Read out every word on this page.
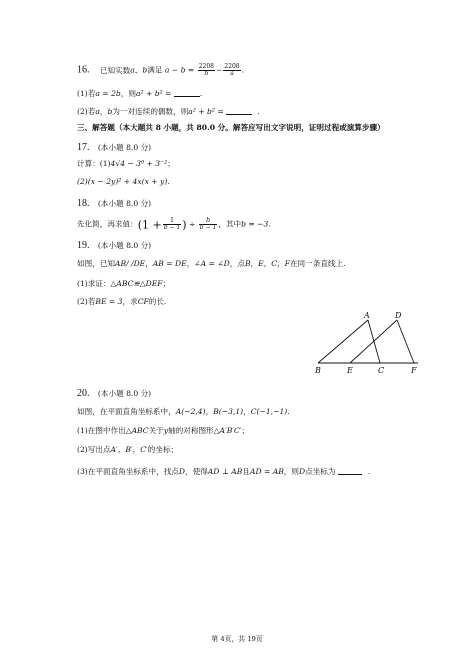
16. 已知实数a，b满足 $a - b = \frac{2208}{b} - \frac{2208}{a}$ .
(1)若a = 2b，则a² + b² =	.
(2)若a，b为一对连续的偶数，则a² + b² =	.
三、解答题（本大题共 8 小题，共 80.0 分。解答应写出文字说明，证明过程或演算步骤）
17. (本小题 8.0 分)
计算：(1)4√4 − 3⁰ + 3⁻²；
(2)(x − 2y)² + 4x(x + y).
18. (本小题 8.0 分)
先化简，再求值：($1 + \frac{1}{b - 1}$ ) ÷ $\frac{b}{b - 1}$ ，其中b = −3.
19. (本小题 8.0 分)
如图，已知AB/ /DE，AB = DE，∠A = ∠D，点B，E，C，F在同一条直线上.
(1)求证：△ABC≌△DEF；
(2)若BE = 3，求CF的长.
A	D
B	E	C	F
20. (本小题 8.0 分)
如图，在平面直角坐标系中，A(−2,4)，B(−3,1)，C(−1,−1).
(1)在图中作出△ABC关于y轴的对称图形△A′B′C′；
(2)写出点A′，B′，C′的坐标；
(3)在平面直角坐标系中，找点D，使得AD ⊥ AB且AD = AB，则D点坐标为	.
第 4页，共 19页
